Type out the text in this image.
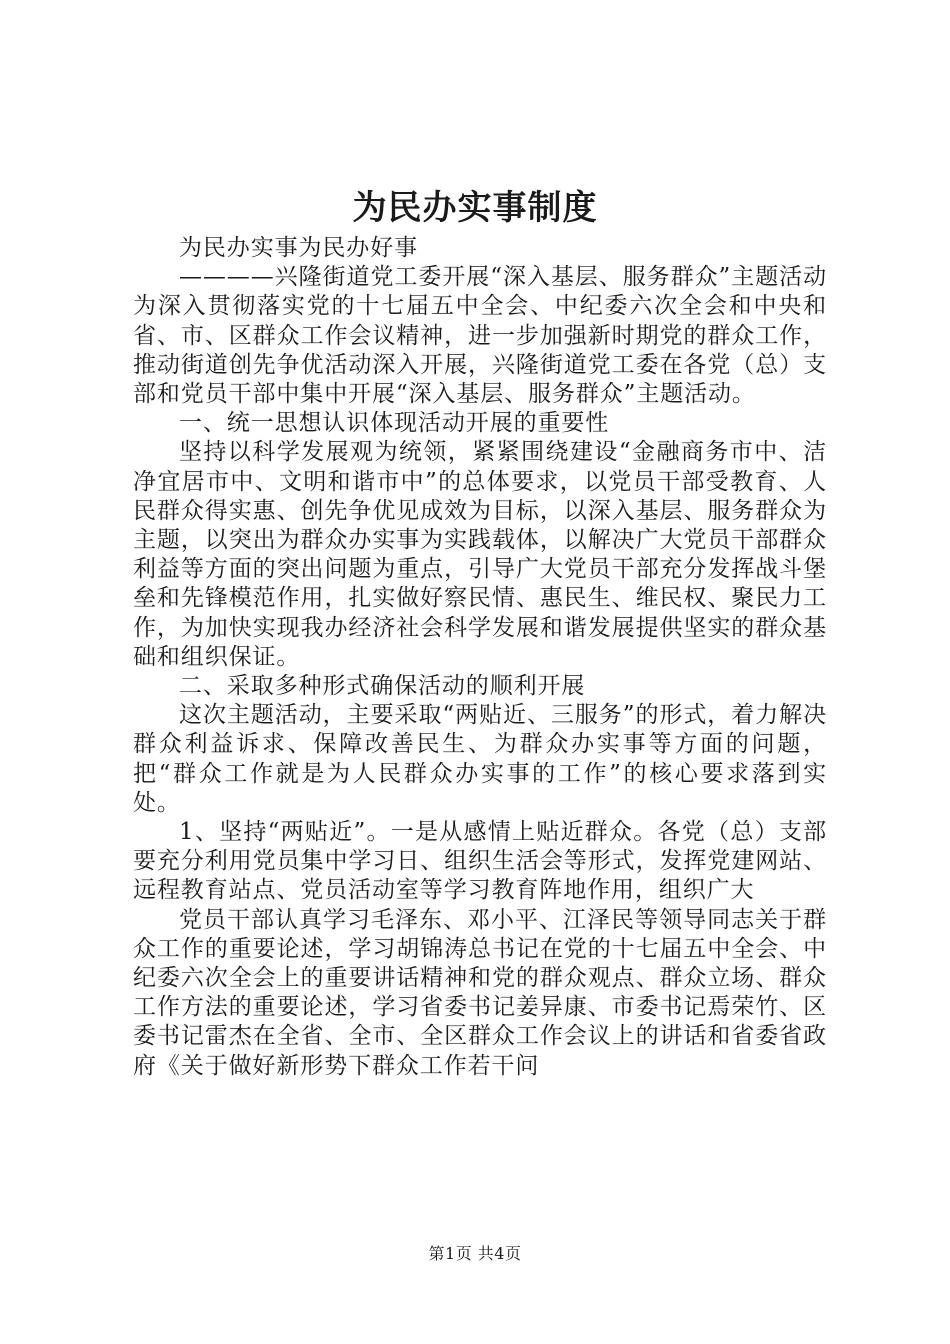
为民办实事制度

为民办实事为民办好事

————兴隆街道党工委开展“深入基层、服务群众”主题活动为深入贯彻落实党的十七届五中全会、中纪委六次全会和中央和省、市、区群众工作会议精神，进一步加强新时期党的群众工作，推动街道创先争优活动深入开展，兴隆街道党工委在各党（总）支部和党员干部中集中开展“深入基层、服务群众”主题活动。

一、统一思想认识体现活动开展的重要性

坚持以科学发展观为统领，紧紧围绕建设“金融商务市中、洁净宜居市中、文明和谐市中”的总体要求，以党员干部受教育、人民群众得实惠、创先争优见成效为目标，以深入基层、服务群众为主题，以突出为群众办实事为实践载体，以解决广大党员干部群众利益等方面的突出问题为重点，引导广大党员干部充分发挥战斗堡垒和先锋模范作用，扎实做好察民情、惠民生、维民权、聚民力工作，为加快实现我办经济社会科学发展和谐发展提供坚实的群众基础和组织保证。

二、采取多种形式确保活动的顺利开展

这次主题活动，主要采取“两贴近、三服务”的形式，着力解决群众利益诉求、保障改善民生、为群众办实事等方面的问题，把“群众工作就是为人民群众办实事的工作”的核心要求落到实处。

1、坚持“两贴近”。一是从感情上贴近群众。各党（总）支部要充分利用党员集中学习日、组织生活会等形式，发挥党建网站、远程教育站点、党员活动室等学习教育阵地作用，组织广大

党员干部认真学习毛泽东、邓小平、江泽民等领导同志关于群众工作的重要论述，学习胡锦涛总书记在党的十七届五中全会、中纪委六次全会上的重要讲话精神和党的群众观点、群众立场、群众工作方法的重要论述，学习省委书记姜异康、市委书记焉荣竹、区委书记雷杰在全省、全市、全区群众工作会议上的讲话和省委省政府《关于做好新形势下群众工作若干问

第1页 共4页
